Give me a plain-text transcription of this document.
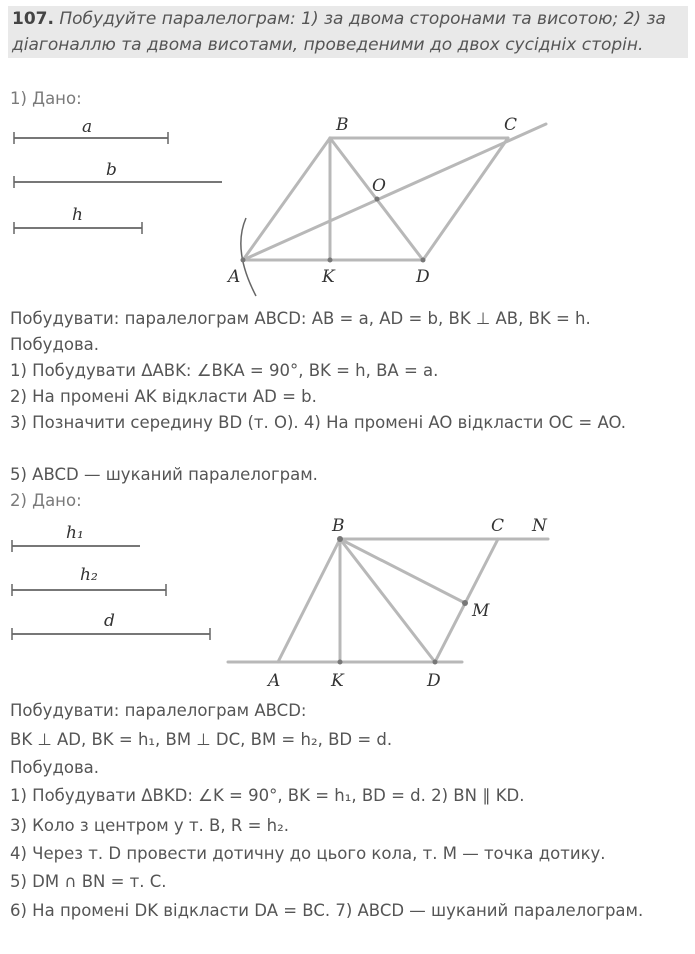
107. Побудуйте паралелограм: 1) за двома сторонами та висотою; 2) за діагоналлю та двома висотами, проведеними до двох сусідніх сторін.
1) Дано:
a
b
h
B	C
O
A	K	D
Побудувати: паралелограм ABCD: AB = a, AD = b, BK ⊥ AB, BK = h.
Побудова.
1) Побудувати ΔABK: ∠BKA = 90°, BK = h, BA = a.
2) На промені AK відкласти AD = b.
3) Позначити середину BD (т. O). 4) На промені AO відкласти OC = AO.
5) ABCD — шуканий паралелограм.
2) Дано:
h₁
h₂
d
B	C N
M
A	K	D
Побудувати: паралелограм ABCD:
BK ⊥ AD, BK = h₁, BM ⊥ DC, BM = h₂, BD = d.
Побудова.
1) Побудувати ΔBKD: ∠K = 90°, BK = h₁, BD = d. 2) BN ∥ KD.
3) Коло з центром у т. B, R = h₂.
4) Через т. D провести дотичну до цього кола, т. M — точка дотику.
5) DM ∩ BN = т. C.
6) На промені DK відкласти DA = BC. 7) ABCD — шуканий паралелограм.
